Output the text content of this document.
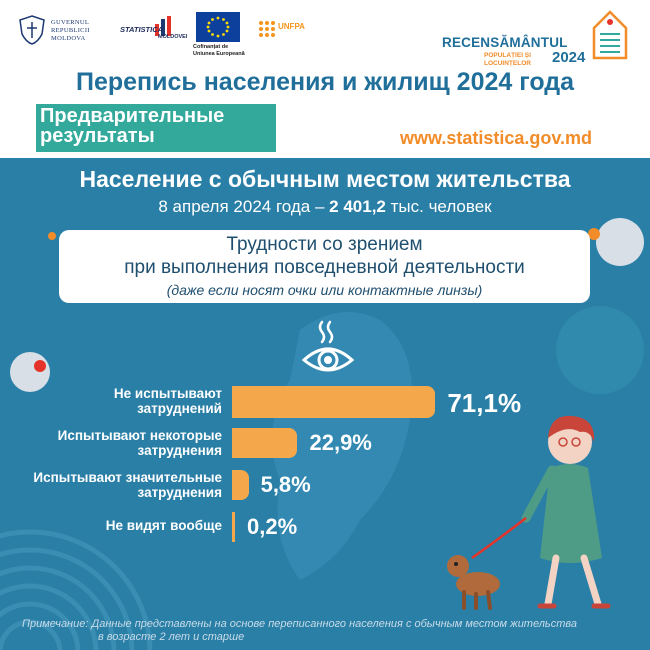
GUVERNUL
REPUBLICII
MOLDOVA
STATISTICA
MOLDOVEI
Cofinanțat de
Uniunea Europeană
UNFPA
RECENSĂMÂNTUL
POPULAȚIEI ȘI
LOCUINȚELOR 2024
Перепись населения и жилищ 2024 года
Предварительные
результаты	www.statistica.gov.md
Население с обычным местом жительства
8 апреля 2024 года – 2 401,2 тыс. человек
Трудности со зрением
при выполнения повседневной деятельности
(даже если носят очки или контактные линзы)
Не испытывают
затруднений
Испытывают некоторые
затруднения
Испытывают значительные
затруднения
Не видят вообще
71,1%
22,9%
5,8%
0,2%
Примечание: Данные представлены на основе переписанного населения с обычным местом жительства
в возрасте 2 лет и старше
